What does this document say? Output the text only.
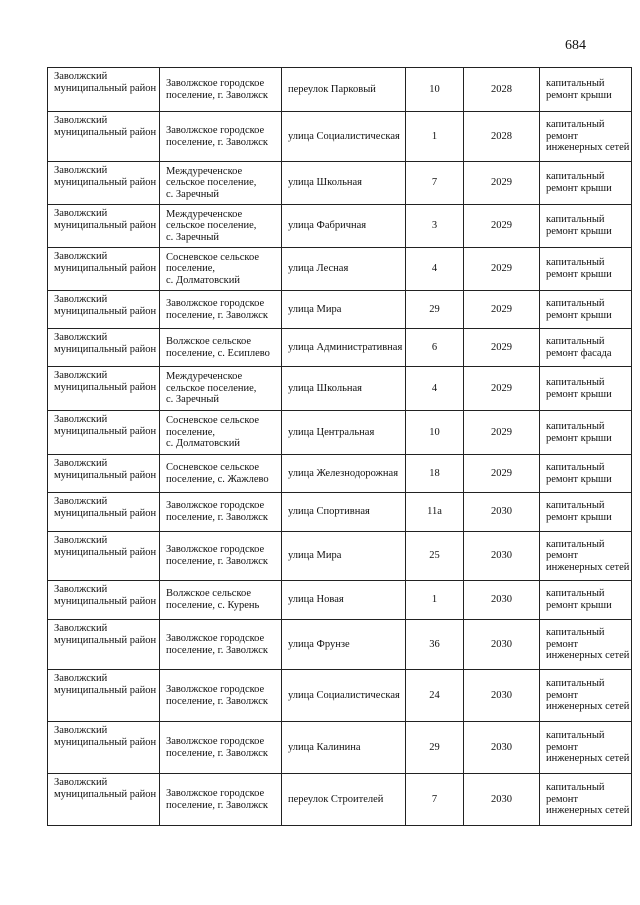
684
Заволжский муниципальный район	Заволжское городское поселение, г. Заволжск	переулок Парковый	10	2028	капитальный ремонт крыши
Заволжский муниципальный район	Заволжское городское поселение, г. Заволжск	улица Социалистическая	1	2028	капитальный ремонт инженерных сетей
Заволжский муниципальный район	Междуреченское сельское поселение,
с. Заречный	улица Школьная	7	2029	капитальный ремонт крыши
Заволжский муниципальный район	Междуреченское сельское поселение,
с. Заречный	улица Фабричная	3	2029	капитальный ремонт крыши
Заволжский муниципальный район	Сосневское сельское поселение,
с. Долматовский	улица Лесная	4	2029	капитальный ремонт крыши
Заволжский муниципальный район	Заволжское городское поселение, г. Заволжск	улица Мира	29	2029	капитальный ремонт крыши
Заволжский муниципальный район	Волжское сельское поселение, с. Есиплево	улица Административная	6	2029	капитальный ремонт фасада
Заволжский муниципальный район	Междуреченское сельское поселение,
с. Заречный	улица Школьная	4	2029	капитальный ремонт крыши
Заволжский муниципальный район	Сосневское сельское поселение,
с. Долматовский	улица Центральная	10	2029	капитальный ремонт крыши
Заволжский муниципальный район	Сосневское сельское поселение, с. Жажлево	улица Железнодорожная	18	2029	капитальный ремонт крыши
Заволжский муниципальный район	Заволжское городское поселение, г. Заволжск	улица Спортивная	11а	2030	капитальный ремонт крыши
Заволжский муниципальный район	Заволжское городское поселение, г. Заволжск	улица Мира	25	2030	капитальный ремонт инженерных сетей
Заволжский муниципальный район	Волжское сельское поселение, с. Курень	улица Новая	1	2030	капитальный ремонт крыши
Заволжский муниципальный район	Заволжское городское поселение, г. Заволжск	улица Фрунзе	36	2030	капитальный ремонт инженерных сетей
Заволжский муниципальный район	Заволжское городское поселение, г. Заволжск	улица Социалистическая	24	2030	капитальный ремонт инженерных сетей
Заволжский муниципальный район	Заволжское городское поселение, г. Заволжск	улица Калинина	29	2030	капитальный ремонт инженерных сетей
Заволжский муниципальный район	Заволжское городское поселение, г. Заволжск	переулок Строителей	7	2030	капитальный ремонт инженерных сетей
